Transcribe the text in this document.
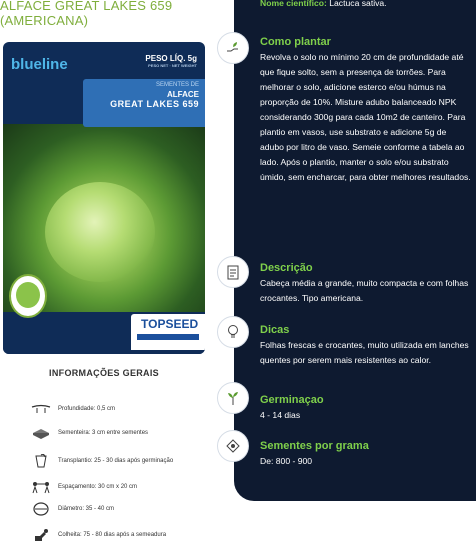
ALFACE GREAT LAKES 659 (AMERICANA)
blueline	PESO LÍQ. 5g
PESO NET · NET WEIGHT
SEMENTES DE
ALFACE
GREAT LAKES 659
TOPSEED
INFORMAÇÕES GERAIS
Profundidade: 0,5 cm
Sementeira: 3 cm entre sementes
Transplantio: 25 - 30 dias após germinação
Espaçamento: 30 cm x 20 cm
Diâmetro: 35 - 40 cm
Colheita: 75 - 80 dias após a semeadura
Nome científico: Lactuca sativa.
Como plantar
Revolva o solo no mínimo 20 cm de profundidade até que fique solto, sem a presença de torrões. Para melhorar o solo, adicione esterco e/ou húmus na proporção de 10%. Misture adubo balanceado NPK considerando 300g para cada 10m2 de canteiro. Para plantio em vasos, use substrato e adicione 5g de adubo por litro de vaso. Semeie conforme a tabela ao lado. Após o plantio, manter o solo e/ou substrato úmido, sem encharcar, para obter melhores resultados.
Descrição
Cabeça média a grande, muito compacta e com folhas crocantes. Tipo americana.
Dicas
Folhas frescas e crocantes, muito utilizada em lanches quentes por serem mais resistentes ao calor.
Germinaçao
4 - 14 dias
Sementes por grama
De: 800 - 900
